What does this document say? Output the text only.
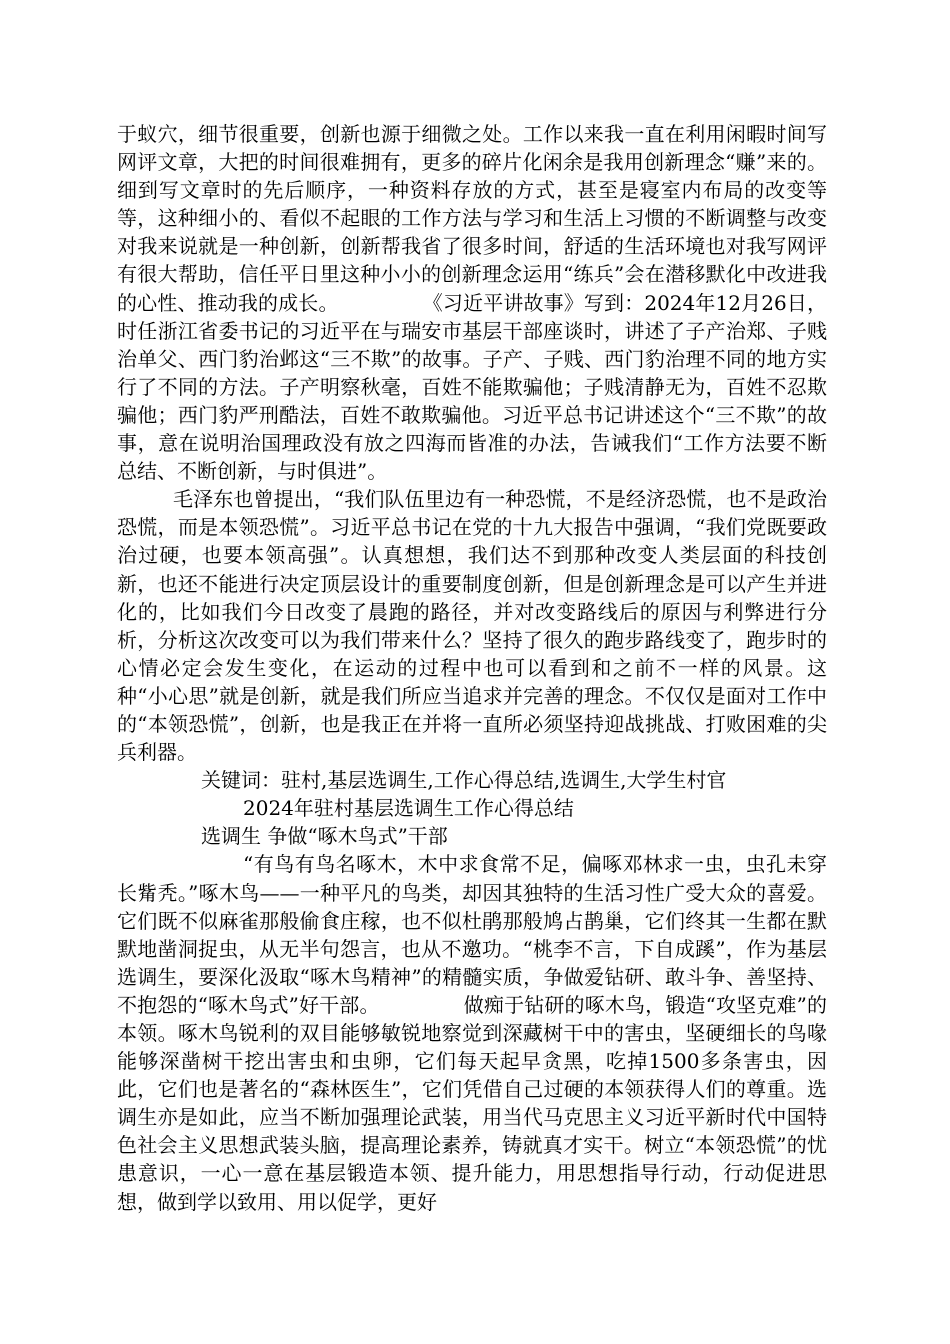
于蚁穴，细节很重要，创新也源于细微之处。工作以来我一直在利用闲暇时间写网评文章，大把的时间很难拥有，更多的碎片化闲余是我用创新理念“赚”来的。细到写文章时的先后顺序，一种资料存放的方式，甚至是寝室内布局的改变等等，这种细小的、看似不起眼的工作方法与学习和生活上习惯的不断调整与改变对我来说就是一种创新，创新帮我省了很多时间，舒适的生活环境也对我写网评有很大帮助，信任平日里这种小小的创新理念运用“练兵”会在潜移默化中改进我的心性、推动我的成长。	《习近平讲故事》写到：2024年12月26日，时任浙江省委书记的习近平在与瑞安市基层干部座谈时，讲述了子产治郑、子贱治单父、西门豹治邺这“三不欺”的故事。子产、子贱、西门豹治理不同的地方实行了不同的方法。子产明察秋毫，百姓不能欺骗他；子贱清静无为，百姓不忍欺骗他；西门豹严刑酷法，百姓不敢欺骗他。习近平总书记讲述这个“三不欺”的故事，意在说明治国理政没有放之四海而皆准的办法，告诫我们“工作方法要不断总结、不断创新，与时俱进”。

毛泽东也曾提出，“我们队伍里边有一种恐慌，不是经济恐慌，也不是政治恐慌，而是本领恐慌”。习近平总书记在党的十九大报告中强调，“我们党既要政治过硬，也要本领高强”。认真想想，我们达不到那种改变人类层面的科技创新，也还不能进行决定顶层设计的重要制度创新，但是创新理念是可以产生并进化的，比如我们今日改变了晨跑的路径，并对改变路线后的原因与利弊进行分析，分析这次改变可以为我们带来什么？坚持了很久的跑步路线变了，跑步时的心情必定会发生变化，在运动的过程中也可以看到和之前不一样的风景。这种“小心思”就是创新，就是我们所应当追求并完善的理念。不仅仅是面对工作中的“本领恐慌”，创新，也是我正在并将一直所必须坚持迎战挑战、打败困难的尖兵利器。

关键词：驻村,基层选调生,工作心得总结,选调生,大学生村官

2024年驻村基层选调生工作心得总结

选调生 争做“啄木鸟式”干部

“有鸟有鸟名啄木，木中求食常不足，偏啄邓林求一虫，虫孔未穿长觜秃。”啄木鸟——一种平凡的鸟类，却因其独特的生活习性广受大众的喜爱。它们既不似麻雀那般偷食庄稼，也不似杜鹃那般鸠占鹊巢，它们终其一生都在默默地凿洞捉虫，从无半句怨言，也从不邀功。“桃李不言，下自成蹊”，作为基层选调生，要深化汲取“啄木鸟精神”的精髓实质，争做爱钻研、敢斗争、善坚持、不抱怨的“啄木鸟式”好干部。	做痴于钻研的啄木鸟，锻造“攻坚克难”的本领。啄木鸟锐利的双目能够敏锐地察觉到深藏树干中的害虫，坚硬细长的鸟喙能够深凿树干挖出害虫和虫卵，它们每天起早贪黑，吃掉1500多条害虫，因此，它们也是著名的“森林医生”，它们凭借自己过硬的本领获得人们的尊重。选调生亦是如此，应当不断加强理论武装，用当代马克思主义习近平新时代中国特色社会主义思想武装头脑，提高理论素养，铸就真才实干。树立“本领恐慌”的忧患意识，一心一意在基层锻造本领、提升能力，用思想指导行动，行动促进思想，做到学以致用、用以促学，更好
